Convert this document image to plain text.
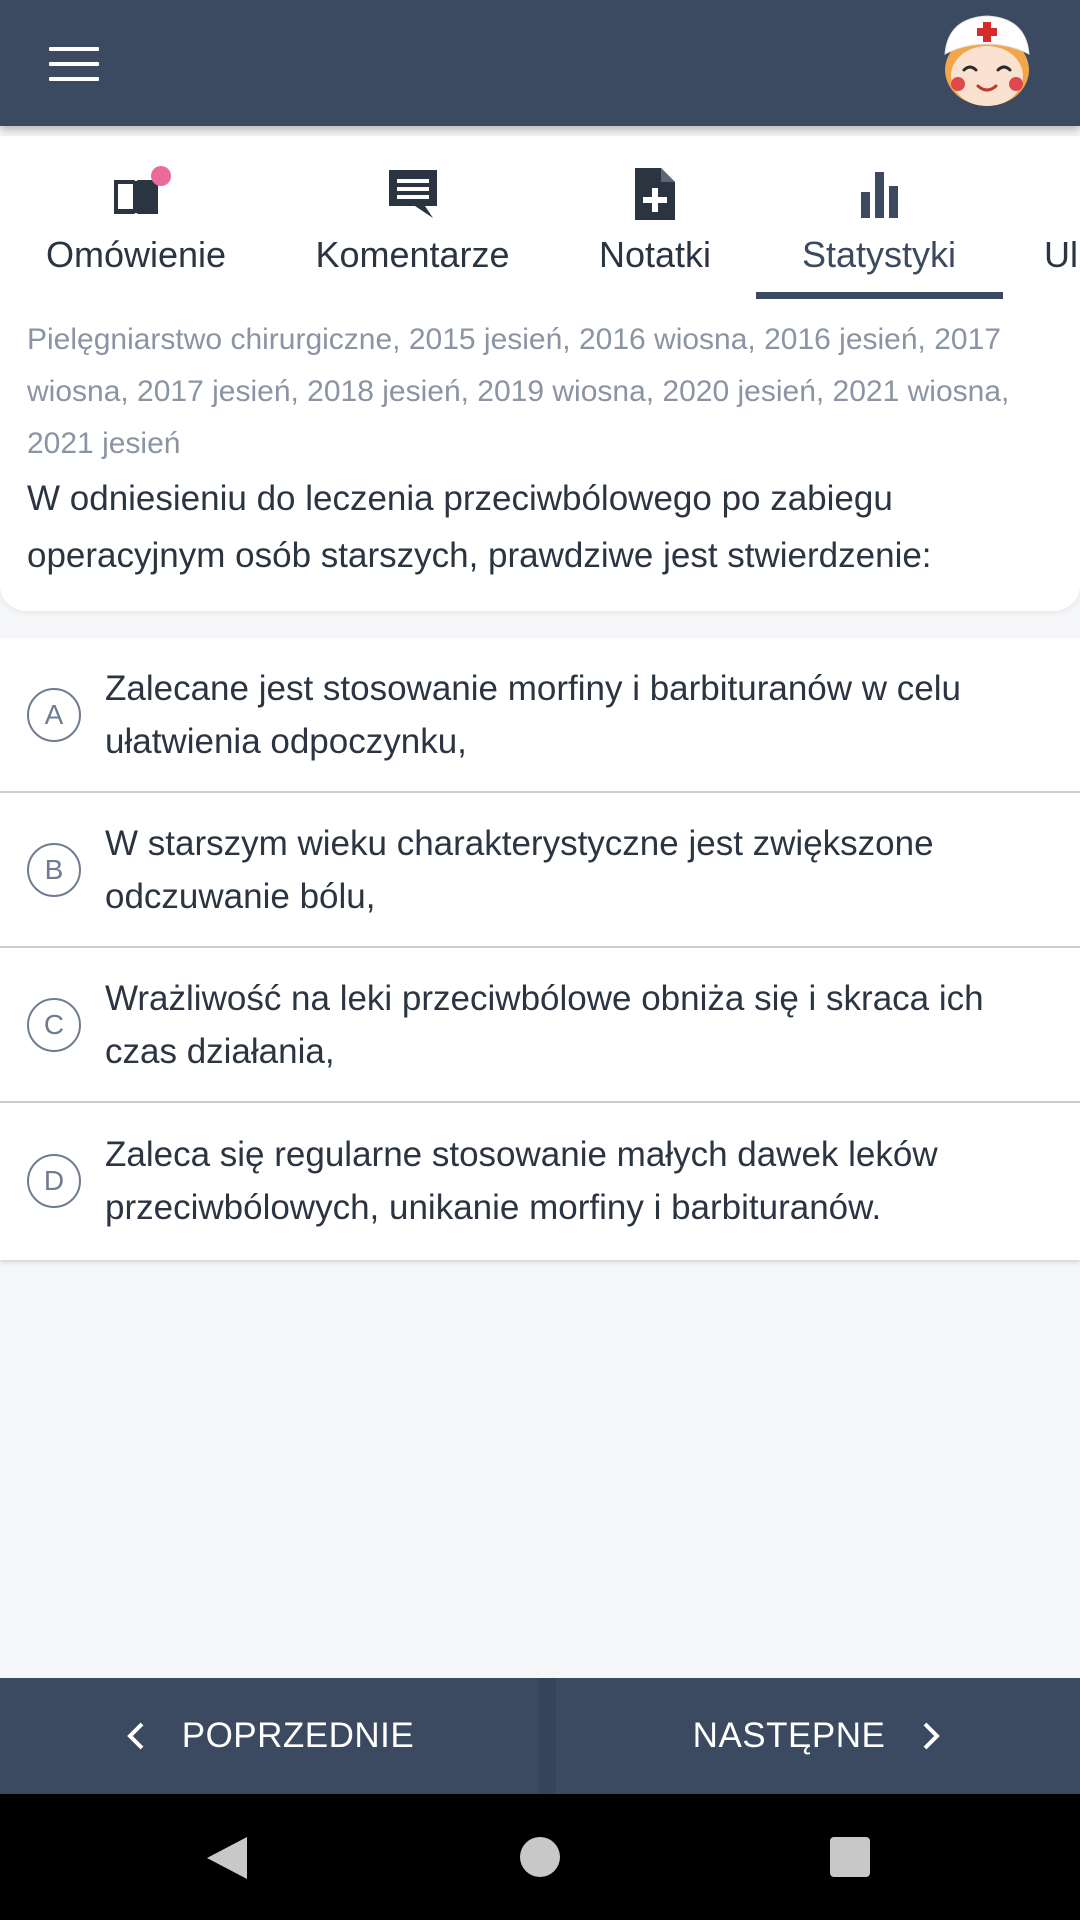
Omówienie	Komentarze	Notatki	Statystyki	Ul
Pielęgniarstwo chirurgiczne, 2015 jesień, 2016 wiosna, 2016 jesień, 2017 wiosna, 2017 jesień, 2018 jesień, 2019 wiosna, 2020 jesień, 2021 wiosna, 2021 jesień
W odniesieniu do leczenia przeciwbólowego po zabiegu operacyjnym osób starszych, prawdziwe jest stwierdzenie:
A
Zalecane jest stosowanie morfiny i barbituranów w celu ułatwienia odpoczynku,
B
W starszym wieku charakterystyczne jest zwiększone odczuwanie bólu,
C
Wrażliwość na leki przeciwbólowe obniża się i skraca ich czas działania,
D
Zaleca się regularne stosowanie małych dawek leków przeciwbólowych, unikanie morfiny i barbituranów.
POPRZEDNIE	NASTĘPNE
